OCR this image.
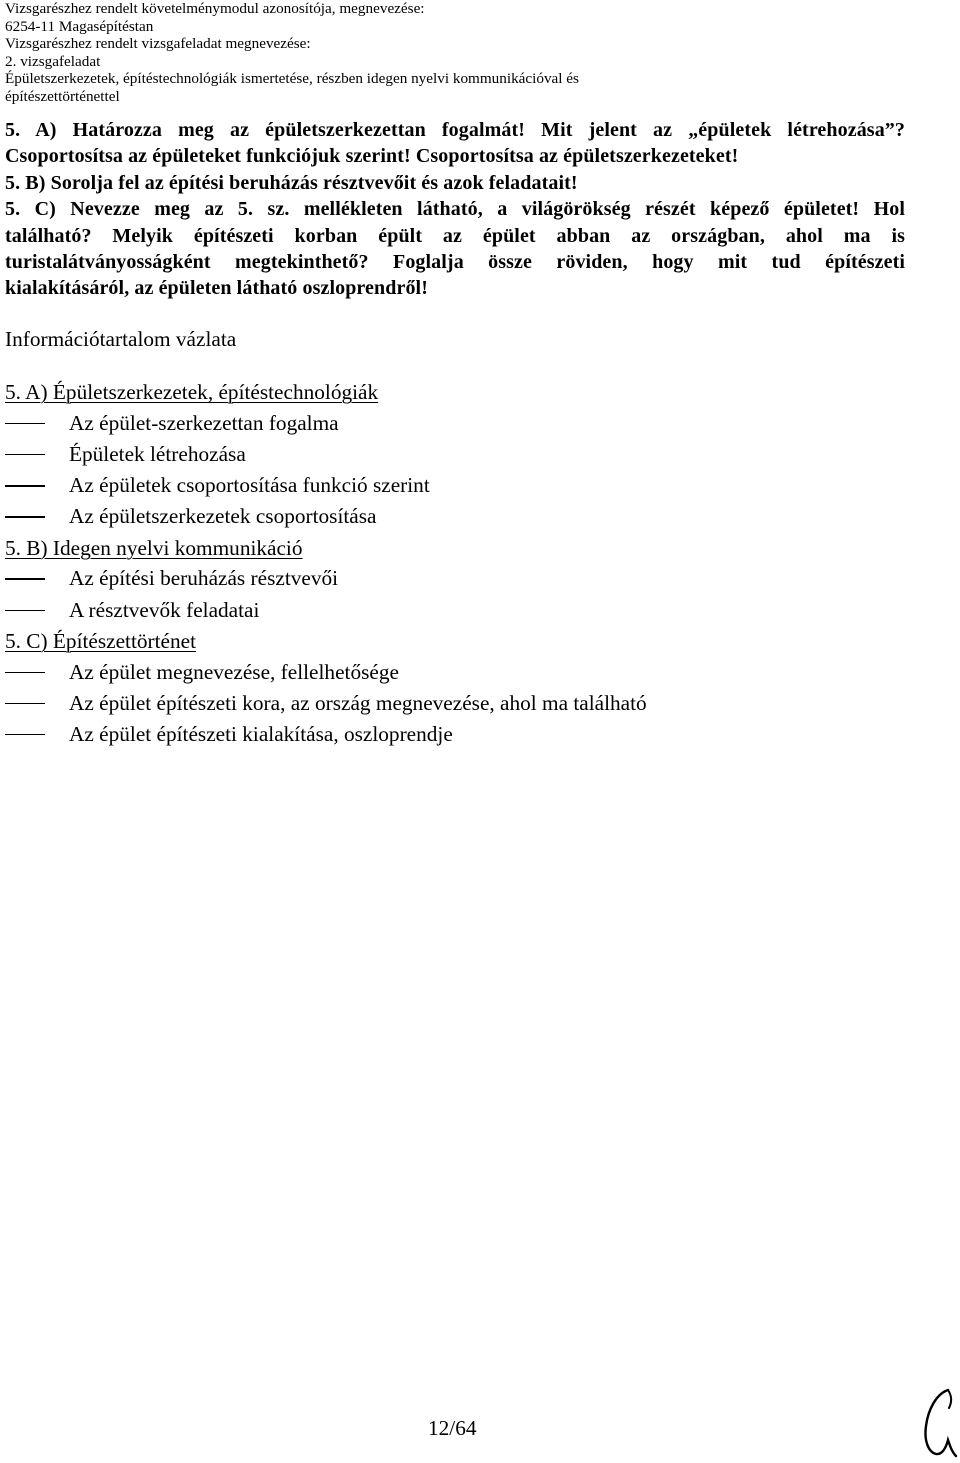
Vizsgarészhez rendelt követelménymodul azonosítója, megnevezése:
6254-11 Magasépítéstan
Vizsgarészhez rendelt vizsgafeladat megnevezése:
2. vizsgafeladat
Épületszerkezetek, építéstechnológiák ismertetése, részben idegen nyelvi kommunikációval és
építészettörténettel
5. A) Határozza meg az épületszerkezettan fogalmát! Mit jelent az „épületek létrehozása”?
Csoportosítsa az épületeket funkciójuk szerint! Csoportosítsa az épületszerkezeteket!
5. B) Sorolja fel az építési beruházás résztvevőit és azok feladatait!
5. C) Nevezze meg az 5. sz. mellékleten látható, a világörökség részét képező épületet! Hol
található? Melyik építészeti korban épült az épület abban az országban, ahol ma is
turistalátványosságként megtekinthető? Foglalja össze röviden, hogy mit tud építészeti
kialakításáról, az épületen látható oszloprendről!
Információtartalom vázlata
5. A) Épületszerkezetek, építéstechnológiák
Az épület-szerkezettan fogalma
Épületek létrehozása
Az épületek csoportosítása funkció szerint
Az épületszerkezetek csoportosítása
5. B) Idegen nyelvi kommunikáció
Az építési beruházás résztvevői
A résztvevők feladatai
5. C) Építészettörténet
Az épület megnevezése, fellelhetősége
Az épület építészeti kora, az ország megnevezése, ahol ma található
Az épület építészeti kialakítása, oszloprendje
12/64
